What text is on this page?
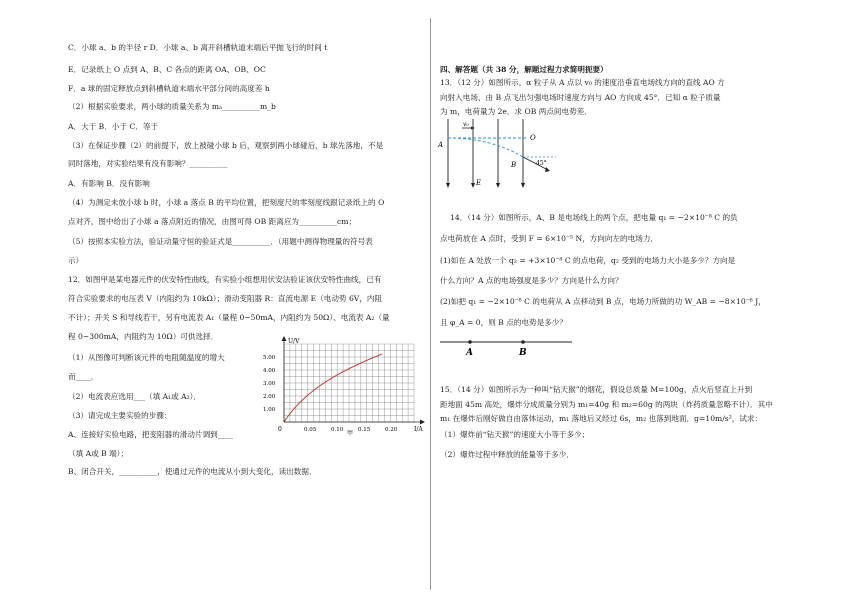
C．小球 a、b 的半径 r D．小球 a、b 离开斜槽轨道末端后平抛飞行的时间 t
E．记录纸上 O 点到 A、B、C 各点的距离 OA、OB、OC
F．a 球的固定释放点到斜槽轨道末端水平部分间的高度差 h
（2）根据实验要求，两小球的质量关系为 mₐ__________m_b
A．大于 B．小于 C．等于
（3）在保证步骤（2）的前提下，放上被碰小球 b 后，观察到两小球碰后，b 球先落地，不是
同时落地，对实验结果有没有影响？__________
A．有影响 B．没有影响
（4）为测定未放小球 b 时，小球 a 落点 B 的平均位置，把刻度尺的零刻度线跟记录纸上的 O
点对齐，图中给出了小球 a 落点附近的情况，由图可得 OB 距离应为__________cm；
（5）按照本实验方法，验证动量守恒的验证式是__________．（用题中测得物理量的符号表
示）
12．如图甲是某电器元件的伏安特性曲线，有实验小组想用伏安法验证该伏安特性曲线，已有
符合实验要求的电压表 V（内阻约为 10kΩ）；滑动变阻器 R：直流电源 E（电动势 6V，内阻
不计）；开关 S 和导线若干，另有电流表 A₁（量程 0~50mA，内阻约为 50Ω）、电流表 A₂（量
程 0~300mA，内阻约为 10Ω）可供选择．
（1）从图像可判断该元件的电阻随温度的增大
而____．
（2）电流表应选用___（填 A₁或 A₂）．
（3）请完成主要实验的步骤：
A、连接好实验电路，把变阻器的滑动片调到____
（填 A或 B 端）；
B、闭合开关，__________，使通过元件的电流从小到大变化，读出数据．
U/V
I/A
0
1.00
2.00
3.00
4.00
5.00
0.05	0.10	0.15	0.20
甲
四、解答题（共 38 分，解题过程力求简明扼要）
13．（12 分）如图所示，α 粒子从 A 点以 v₀ 的速度沿垂直电场线方向的直线 AO 方
向射入电场，由 B 点飞出匀强电场时速度方向与 AO 方向成 45°．已知 α 粒子质量
为 m，电荷量为 2e．求 OB 两点间电势差．
A
O
B
E
v₀
45°
14．（14 分）如图所示，A、B 是电场线上的两个点，把电量 q₁ = −2×10⁻⁸ C 的负
点电荷放在 A 点时，受到 F = 6×10⁻⁵ N，方向向左的电场力．
(1)如在 A 处放一个 q₂ = +3×10⁻⁸ C 的点电荷，q₂ 受到的电场力大小是多少？方向是
什么方向？A 点的电场强度是多少？方向是什么方向？
(2)如把 q₁ = −2×10⁻⁸ C 的电荷从 A 点移动到 B 点，电场力所做的功 W_AB = −8×10⁻⁶ J，
且 φ_A = 0，则 B 点的电势是多少？
A	B
15．（14 分）如图所示为一种叫“钻天猴”的烟花，假设总质量 M=100g，点火后竖直上升到
距地面 45m 高处，爆炸分成质量分别为 m₁=40g 和 m₂=60g 的两块（炸药质量忽略不计）．其中
m₁ 在爆炸后刚好做自由落体运动，m₁ 落地后又经过 6s，m₂ 也落到地面．g=10m/s²，试求：
（1）爆炸前“钻天猴”的速度大小等于多少；
（2）爆炸过程中释放的能量等于多少．
